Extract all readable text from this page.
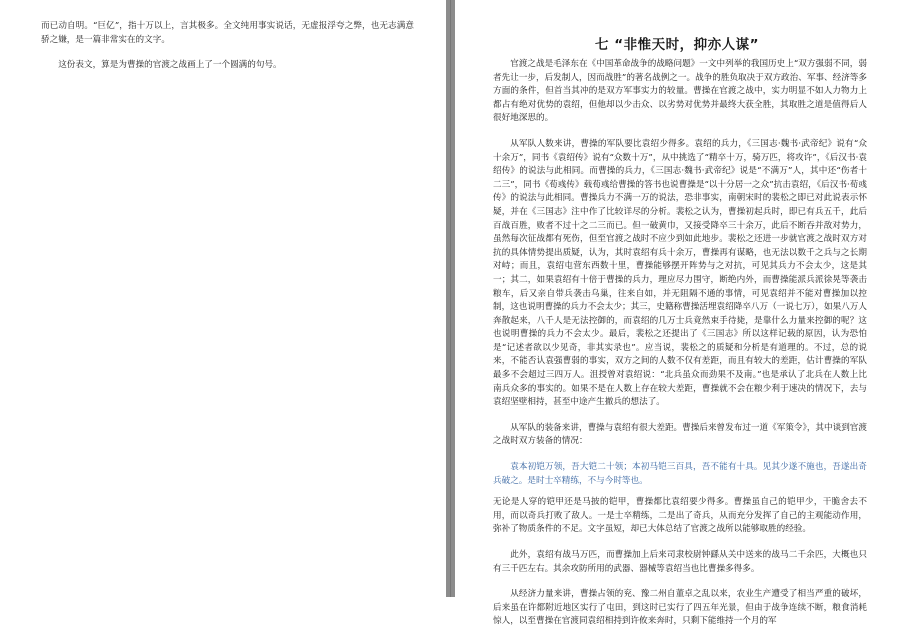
而已动自明。“巨亿”，指十万以上，言其极多。全文纯用事实说话，无虚报浮夸之弊，也无志满意骄之嫌，是一篇非常实在的文字。

这份表文，算是为曹操的官渡之战画上了一个圆满的句号。

七 “非惟天时，抑亦人谋”

官渡之战是毛泽东在《中国革命战争的战略问题》一文中列举的我国历史上“双方强弱不同，弱者先让一步，后发制人，因而战胜”的著名战例之一。战争的胜负取决于双方政治、军事、经济等多方面的条件，但首当其冲的是双方军事实力的较量。曹操在官渡之战中，实力明显不如人力物力上都占有绝对优势的袁绍，但他却以少击众、以劣势对优势并最终大获全胜，其取胜之道是值得后人很好地深思的。

从军队人数来讲，曹操的军队要比袁绍少得多。袁绍的兵力，《三国志·魏书·武帝纪》说有“众十余万”，同书《袁绍传》说有“众数十万”，从中挑选了“精卒十万，骑万匹，将攻许”，《后汉书·袁绍传》的说法与此相同。而曹操的兵力，《三国志·魏书·武帝纪》说是“不满万”人，其中还“伤者十二三”，同书《荀彧传》载荀彧给曹操的答书也说曹操是“以十分居一之众”抗击袁绍，《后汉书·荀彧传》的说法与此相同。曹操兵力不满一万的说法，恐非事实，南朝宋时的裴松之即已对此说表示怀疑，并在《三国志》注中作了比较详尽的分析。裴松之认为，曹操初起兵时，即已有兵五千，此后百战百胜，败者不过十之二三而已。但一破黄巾，又接受降卒三十余万，此后不断吞并敌对势力，虽然每次征战都有死伤，但至官渡之战时不应少到如此地步。裴松之还进一步就官渡之战时双方对抗的具体情势提出质疑，认为，其时袁绍有兵十余万，曹操再有谋略，也无法以数千之兵与之长期对峙；而且，袁绍屯营东西数十里，曹操能够摆开阵势与之对抗，可见其兵力不会太少，这是其一；其二，如果袁绍有十倍于曹操的兵力，理应尽力围守，断绝内外，而曹操能派兵派徐晃等袭击粮车，后又亲自带兵袭击乌巢，往来自如，并无阻隔不通的事情，可见袁绍并不能对曹操加以控制，这也说明曹操的兵力不会太少；其三，史籍称曹操活埋袁绍降卒八万（一说七万），如果八万人奔散起来，八千人是无法控御的，而袁绍的几万士兵竟然束手待毙，是靠什么力量来控御的呢？这也说明曹操的兵力不会太少。最后，裴松之还提出了《三国志》所以这样记载的原因，认为恐怕是“记述者欲以少见奇，非其实录也”。应当说，裴松之的质疑和分析是有道理的。不过，总的说来，不能否认袁强曹弱的事实，双方之间的人数不仅有差距，而且有较大的差距，估计曹操的军队最多不会超过三四万人。沮授曾对袁绍说：“北兵虽众而劲果不及南。”也是承认了北兵在人数上比南兵众多的事实的。如果不是在人数上存在较大差距，曹操就不会在粮少利于速决的情况下，去与袁绍坚壁相持，甚至中途产生撤兵的想法了。

从军队的装备来讲，曹操与袁绍有很大差距。曹操后来曾发布过一道《军策令》，其中谈到官渡之战时双方装备的情况：

袁本初铠万领，吾大铠二十领；本初马铠三百具，吾不能有十具。见其少遂不施也，吾遂出奇兵破之。是时士卒精练，不与今时等也。

无论是人穿的铠甲还是马披的铠甲，曹操都比袁绍要少得多。曹操虽自己的铠甲少，干脆舍去不用，而以奇兵打败了敌人。一是士卒精练，二是出了奇兵，从而充分发挥了自己的主观能动作用，弥补了物质条件的不足。文字虽短，却已大体总结了官渡之战所以能够取胜的经验。

此外，袁绍有战马万匹，而曹操加上后来司隶校尉钟繇从关中送来的战马二千余匹，大概也只有三千匹左右。其余攻防所用的武器、器械等袁绍当也比曹操多得多。

从经济力量来讲，曹操占领的兖、豫二州自董卓之乱以来，农业生产遭受了相当严重的破坏，后来虽在许都附近地区实行了屯田，到这时已实行了四五年光景，但由于战争连续不断，粮食消耗惊人，以至曹操在官渡同袁绍相持到许攸来奔时，只剩下能维持一个月的军
